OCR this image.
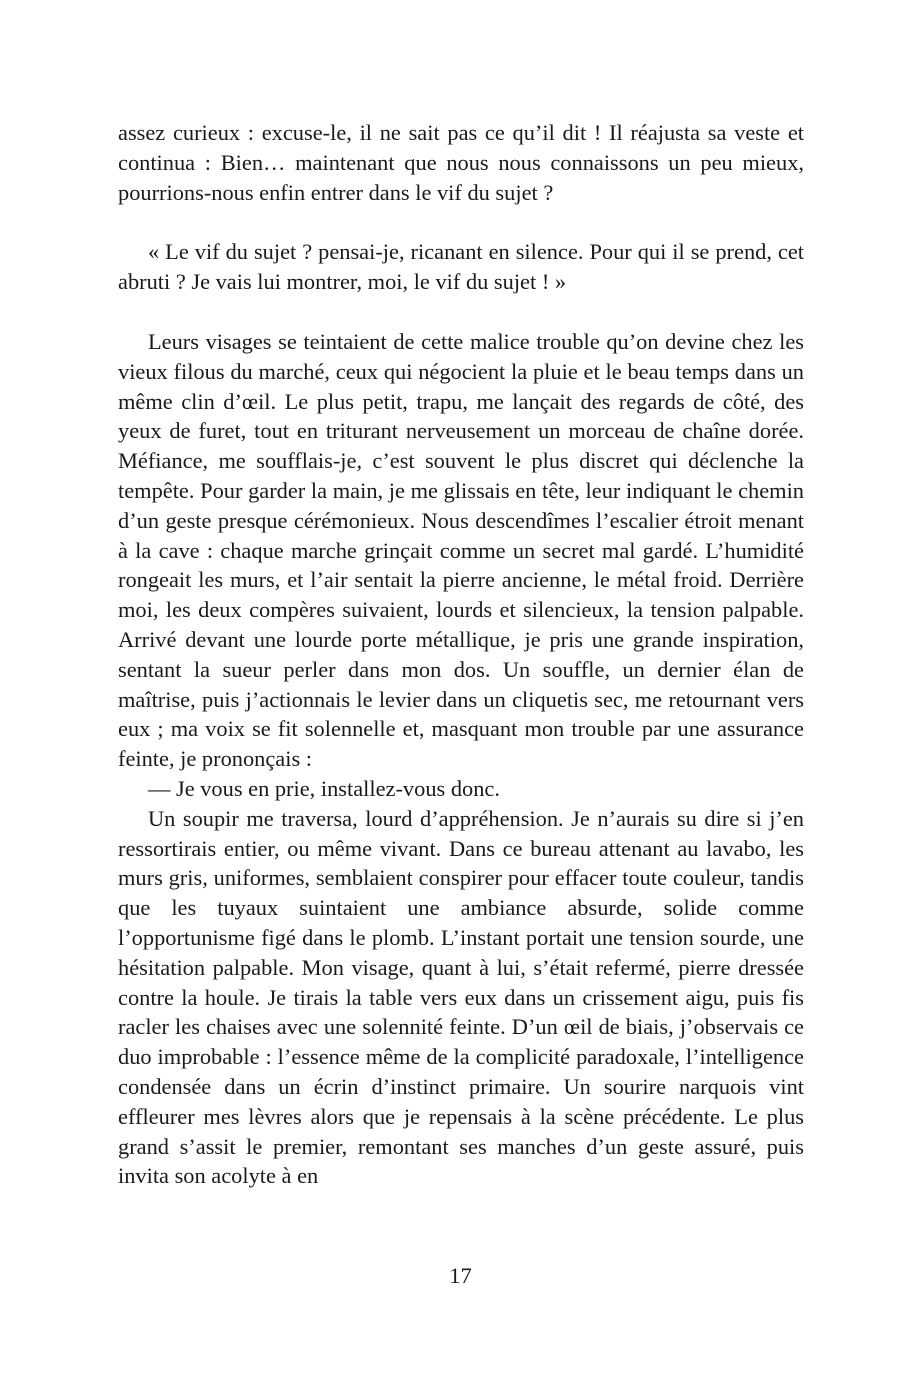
assez curieux : excuse-le, il ne sait pas ce qu’il dit ! Il réajusta sa veste et continua : Bien… maintenant que nous nous connaissons un peu mieux, pourrions-nous enfin entrer dans le vif du sujet ?

« Le vif du sujet ? pensai-je, ricanant en silence. Pour qui il se prend, cet abruti ? Je vais lui montrer, moi, le vif du sujet ! »

Leurs visages se teintaient de cette malice trouble qu’on devine chez les vieux filous du marché, ceux qui négocient la pluie et le beau temps dans un même clin d’œil. Le plus petit, trapu, me lançait des regards de côté, des yeux de furet, tout en triturant nerveusement un morceau de chaîne dorée. Méfiance, me soufflais-je, c’est souvent le plus discret qui déclenche la tempête. Pour garder la main, je me glissais en tête, leur indiquant le chemin d’un geste presque cérémonieux. Nous descendîmes l’escalier étroit menant à la cave : chaque marche grinçait comme un secret mal gardé. L’humidité rongeait les murs, et l’air sentait la pierre ancienne, le métal froid. Derrière moi, les deux compères suivaient, lourds et silencieux, la tension palpable. Arrivé devant une lourde porte métallique, je pris une grande inspiration, sentant la sueur perler dans mon dos. Un souffle, un dernier élan de maîtrise, puis j’actionnais le levier dans un cliquetis sec, me retournant vers eux ; ma voix se fit solennelle et, masquant mon trouble par une assurance feinte, je prononçais :

— Je vous en prie, installez-vous donc.

Un soupir me traversa, lourd d’appréhension. Je n’aurais su dire si j’en ressortirais entier, ou même vivant. Dans ce bureau attenant au lavabo, les murs gris, uniformes, semblaient conspirer pour effacer toute couleur, tandis que les tuyaux suintaient une ambiance absurde, solide comme l’opportunisme figé dans le plomb. L’instant portait une tension sourde, une hésitation palpable. Mon visage, quant à lui, s’était refermé, pierre dressée contre la houle. Je tirais la table vers eux dans un crissement aigu, puis fis racler les chaises avec une solennité feinte. D’un œil de biais, j’observais ce duo improbable : l’essence même de la complicité paradoxale, l’intelligence condensée dans un écrin d’instinct primaire. Un sourire narquois vint effleurer mes lèvres alors que je repensais à la scène précédente. Le plus grand s’assit le premier, remontant ses manches d’un geste assuré, puis invita son acolyte à en

17
